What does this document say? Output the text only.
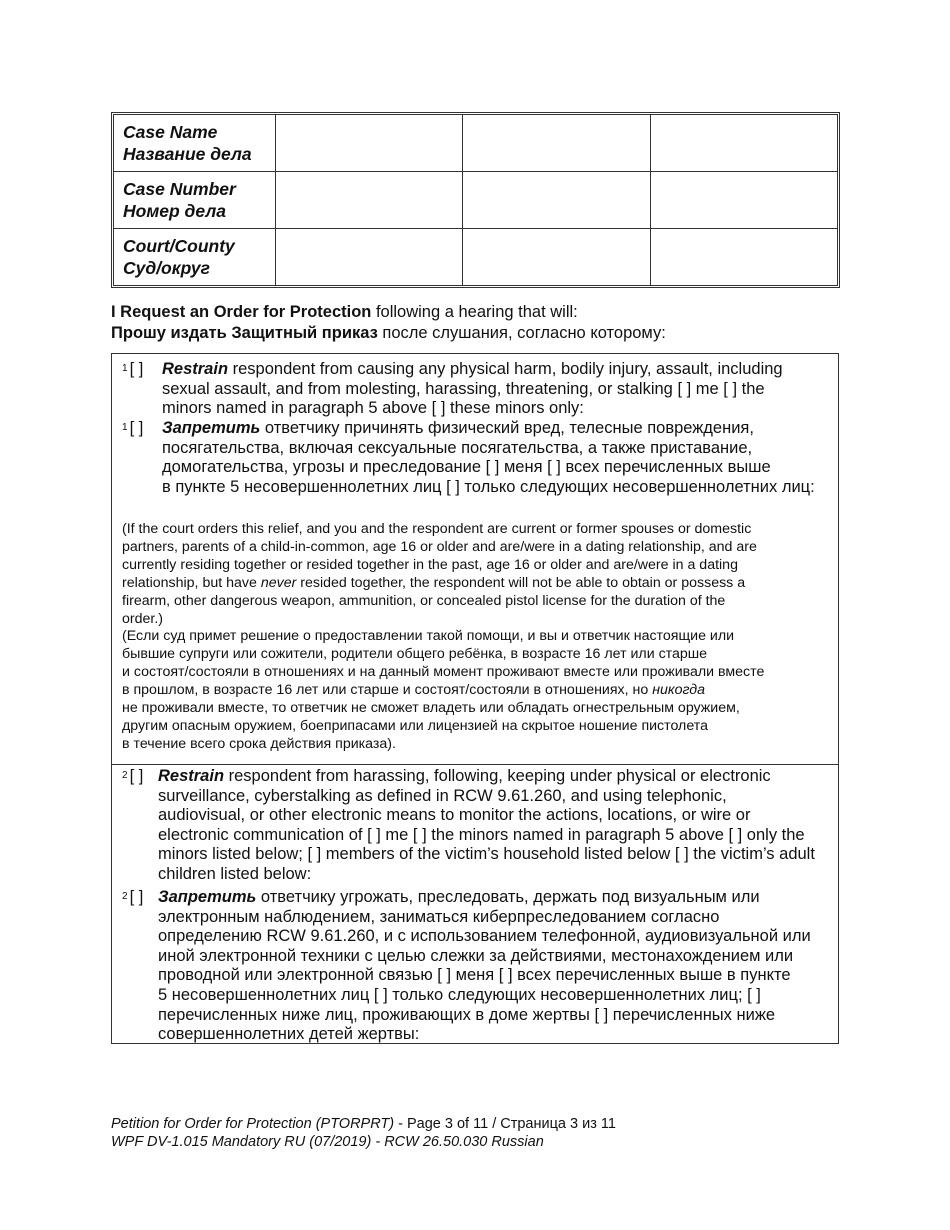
Case Name
Название дела			

Case Number
Номер дела			

Court/County
Суд/округ			

I Request an Order for Protection following a hearing that will:
Прошу издать Защитный приказ после слушания, согласно которому:
$^1$ [ ] Restrain respondent from causing any physical harm, bodily injury, assault, including

sexual assault, and from molesting, harassing, threatening, or stalking [ ] me [ ] the

minors named in paragraph 5 above [ ] these minors only:

$^1$ [ ] Запретить ответчику причинять физический вред, телесные повреждения,

посягательства, включая сексуальные посягательства, а также приставание,

домогательства, угрозы и преследование [ ] меня [ ] всех перечисленных выше

в пункте 5 несовершеннолетних лиц [ ] только следующих несовершеннолетних лиц:

(If the court orders this relief, and you and the respondent are current or former spouses or domestic

partners, parents of a child-in-common, age 16 or older and are/were in a dating relationship, and are

currently residing together or resided together in the past, age 16 or older and are/were in a dating

relationship, but have never resided together, the respondent will not be able to obtain or possess a

firearm, other dangerous weapon, ammunition, or concealed pistol license for the duration of the

order.)

(Если суд примет решение о предоставлении такой помощи, и вы и ответчик настоящие или

бывшие супруги или сожители, родители общего ребёнка, в возрасте 16 лет или старше

и состоят/состояли в отношениях и на данный момент проживают вместе или проживали вместе

в прошлом, в возрасте 16 лет или старше и состоят/состояли в отношениях, но никогда

не проживали вместе, то ответчик не сможет владеть или обладать огнестрельным оружием,

другим опасным оружием, боеприпасами или лицензией на скрытое ношение пистолета

в течение всего срока действия приказа).

$^2$ [ ] Restrain respondent from harassing, following, keeping under physical or electronic

surveillance, cyberstalking as defined in RCW 9.61.260, and using telephonic,

audiovisual, or other electronic means to monitor the actions, locations, or wire or

electronic communication of [ ] me [ ] the minors named in paragraph 5 above [ ] only the

minors listed below; [ ] members of the victim’s household listed below [ ] the victim’s adult

children listed below:

$^2$ [ ] Запретить ответчику угрожать, преследовать, держать под визуальным или

электронным наблюдением, заниматься киберпреследованием согласно

определению RCW 9.61.260, и с использованием телефонной, аудиовизуальной или

иной электронной техники с целью слежки за действиями, местонахождением или

проводной или электронной связью [ ] меня [ ] всех перечисленных выше в пункте

5 несовершеннолетних лиц [ ] только следующих несовершеннолетних лиц; [ ]

перечисленных ниже лиц, проживающих в доме жертвы [ ] перечисленных ниже

совершеннолетних детей жертвы:

Petition for Order for Protection (PTORPRT) - Page 3 of 11 / Страница 3 из 11

WPF DV-1.015 Mandatory RU (07/2019) - RCW 26.50.030 Russian
